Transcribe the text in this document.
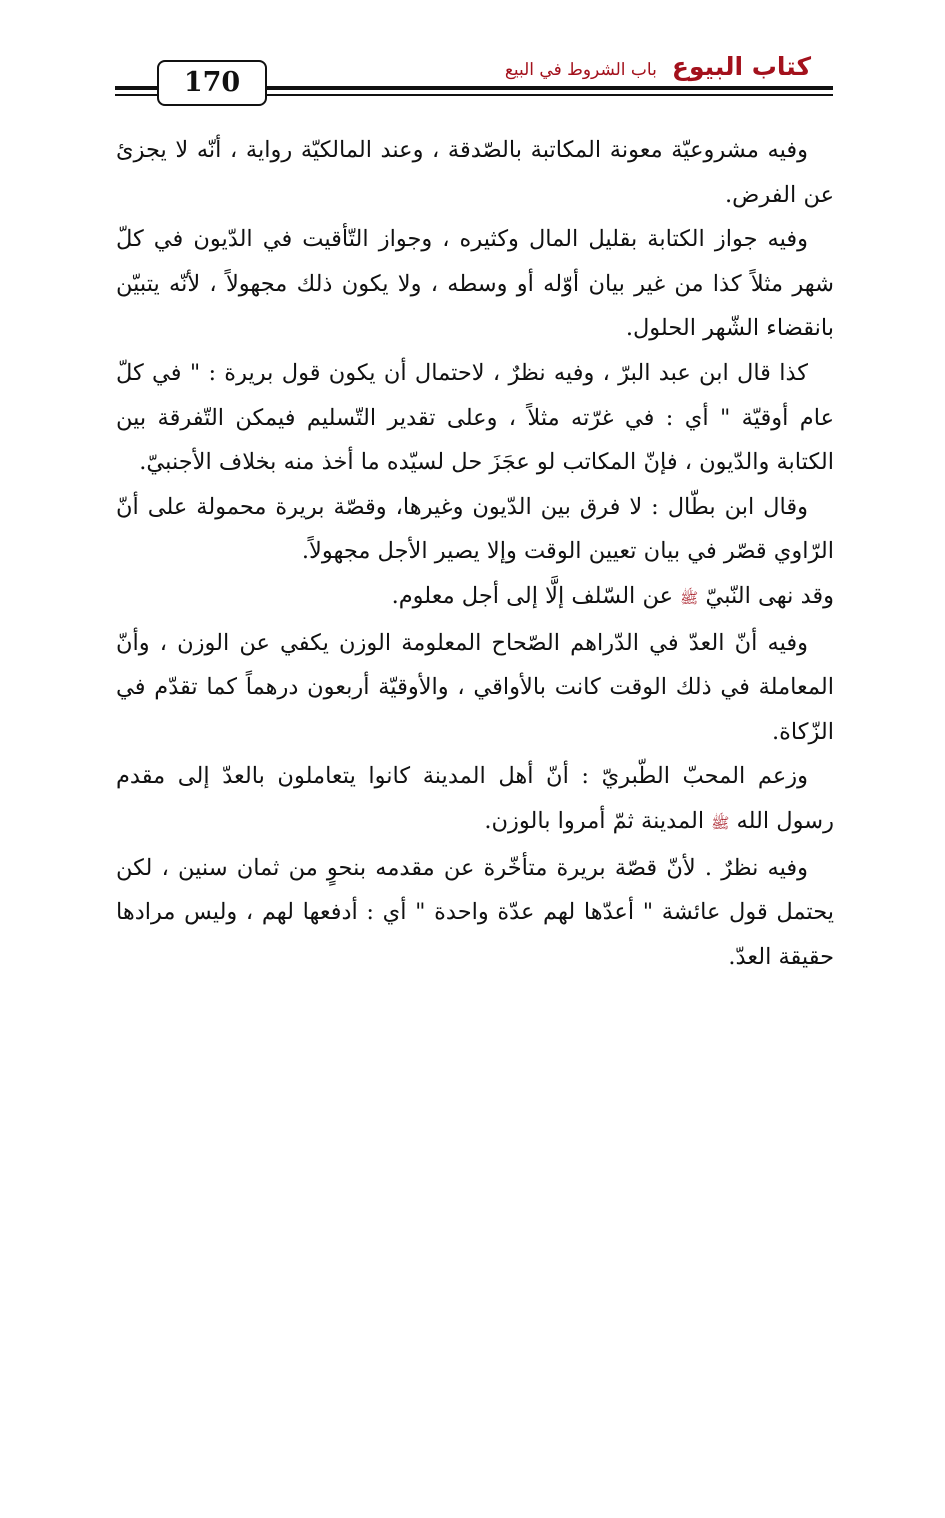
كتاب البيوع باب الشروط في البيع
170

وفيه مشروعيّة معونة المكاتبة بالصّدقة ، وعند المالكيّة رواية ، أنّه لا يجزئ عن الفرض.

وفيه جواز الكتابة بقليل المال وكثيره ، وجواز التّأقيت في الدّيون في كلّ شهر مثلاً كذا من غير بيان أوّله أو وسطه ، ولا يكون ذلك مجهولاً ، لأنّه يتبيّن بانقضاء الشّهر الحلول.

كذا قال ابن عبد البرّ ، وفيه نظرٌ ، لاحتمال أن يكون قول بريرة : " في كلّ عام أوقيّة " أي : في غرّته مثلاً ، وعلى تقدير التّسليم فيمكن التّفرقة بين الكتابة والدّيون ، فإنّ المكاتب لو عجَزَ حل لسيّده ما أخذ منه بخلاف الأجنبيّ.

وقال ابن بطّال : لا فرق بين الدّيون وغيرها، وقصّة بريرة محمولة على أنّ الرّاوي قصّر في بيان تعيين الوقت وإلا يصير الأجل مجهولاً.

وقد نهى النّبيّ ﷺ عن السّلف إلَّا إلى أجل معلوم.

وفيه أنّ العدّ في الدّراهم الصّحاح المعلومة الوزن يكفي عن الوزن ، وأنّ المعاملة في ذلك الوقت كانت بالأواقي ، والأوقيّة أربعون درهماً كما تقدّم في الزّكاة.

وزعم المحبّ الطّبريّ : أنّ أهل المدينة كانوا يتعاملون بالعدّ إلى مقدم رسول الله ﷺ المدينة ثمّ أمروا بالوزن.

وفيه نظرٌ . لأنّ قصّة بريرة متأخّرة عن مقدمه بنحوٍ من ثمان سنين ، لكن يحتمل قول عائشة " أعدّها لهم عدّة واحدة " أي : أدفعها لهم ، وليس مرادها حقيقة العدّ.
